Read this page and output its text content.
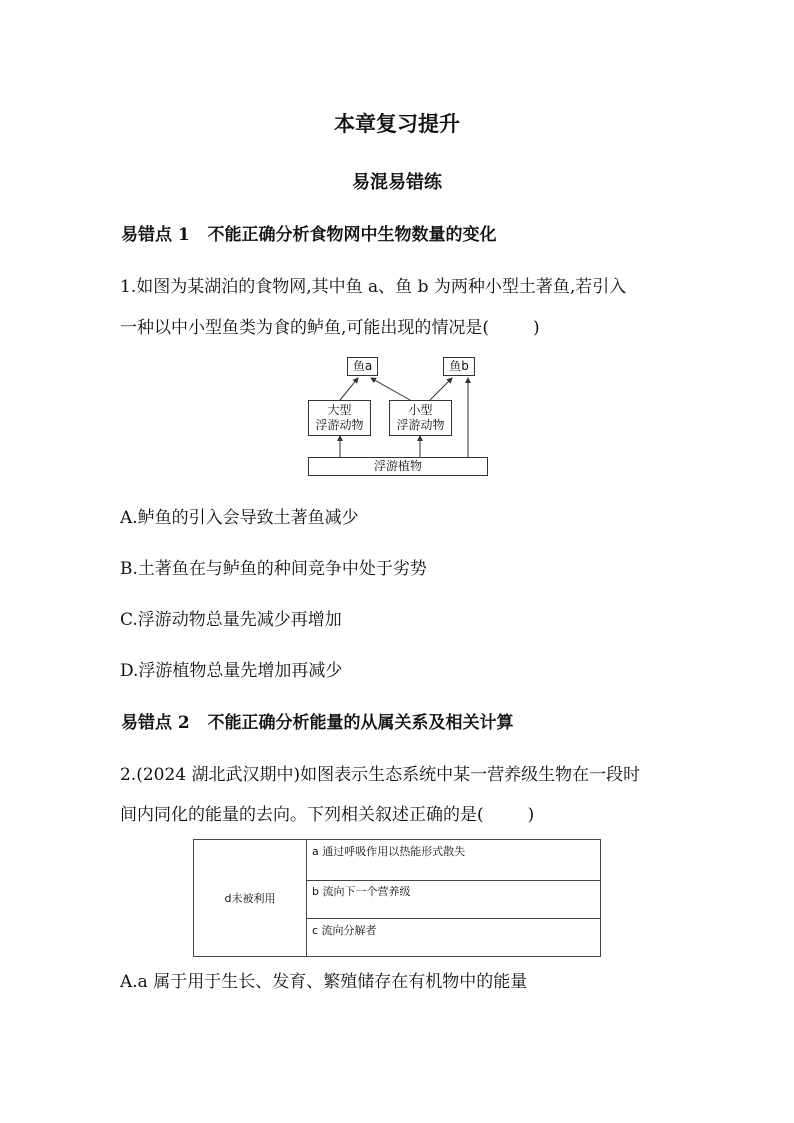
本章复习提升
易混易错练
易错点 1 不能正确分析食物网中生物数量的变化
1.如图为某湖泊的食物网,其中鱼 a、鱼 b 为两种小型土著鱼,若引入
一种以中小型鱼类为食的鲈鱼,可能出现的情况是(	)
鱼a	鱼b
大型
浮游动物
小型
浮游动物
浮游植物
A.鲈鱼的引入会导致土著鱼减少
B.土著鱼在与鲈鱼的种间竞争中处于劣势
C.浮游动物总量先减少再增加
D.浮游植物总量先增加再减少
易错点 2 不能正确分析能量的从属关系及相关计算
2.(2024 湖北武汉期中)如图表示生态系统中某一营养级生物在一段时
间内同化的能量的去向。下列相关叙述正确的是(	)
d未被利用
a 通过呼吸作用以热能形式散失
b 流向下一个营养级
c 流向分解者
A.a 属于用于生长、发育、繁殖储存在有机物中的能量
